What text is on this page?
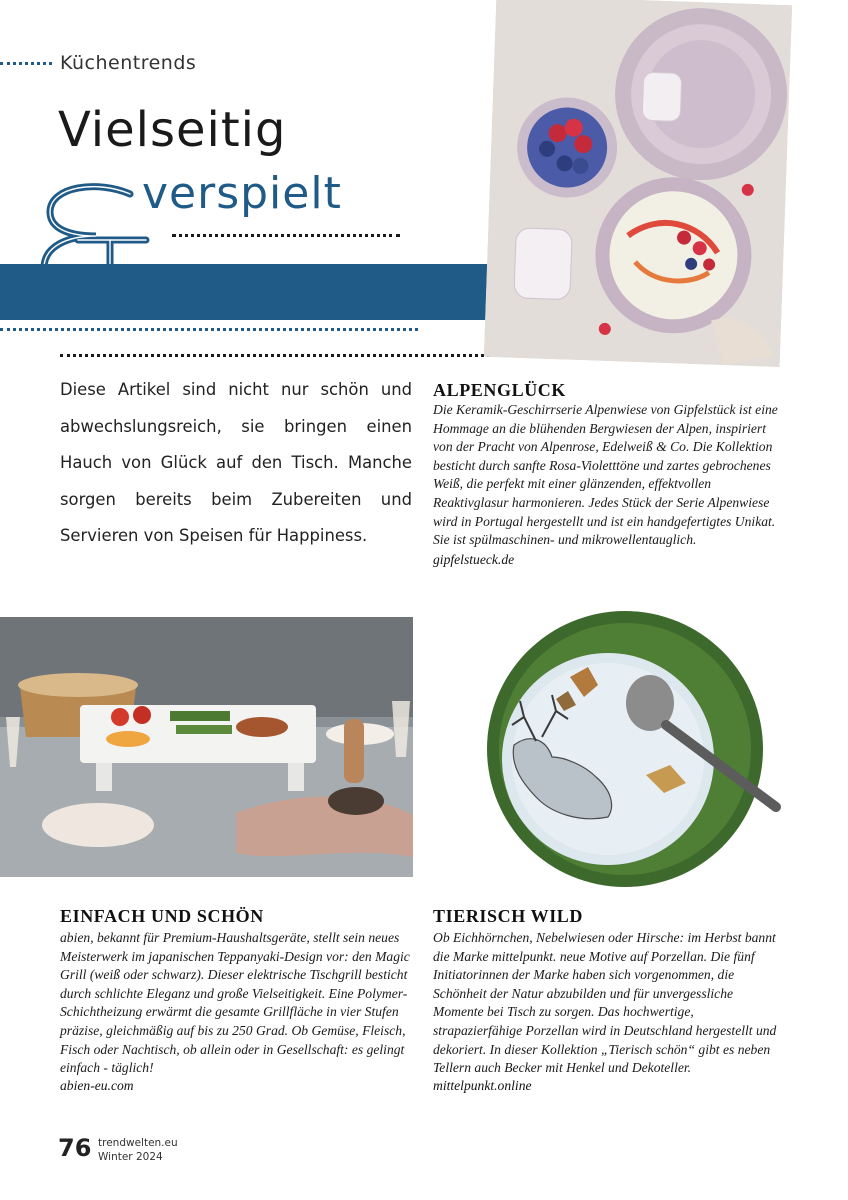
Küchentrends
Vielseitig
verspielt
Diese Artikel sind nicht nur schön und abwechslungsreich, sie bringen einen Hauch von Glück auf den Tisch. Manche sorgen bereits beim Zubereiten und Servieren von Speisen für Happiness.
ALPENGLÜCK
Die Keramik-Geschirrserie Alpenwiese von Gipfelstück ist eine Hommage an die blühenden Bergwiesen der Alpen, inspiriert von der Pracht von Alpenrose, Edelweiß & Co. Die Kollektion besticht durch sanfte Rosa-Violetttöne und zartes gebrochenes Weiß, die perfekt mit einer glänzenden, effektvollen Reaktivglasur harmonieren. Jedes Stück der Serie Alpenwiese wird in Portugal hergestellt und ist ein handgefertigtes Unikat. Sie ist spülmaschinen- und mikrowellentauglich.
gipfelstueck.de
EINFACH UND SCHÖN
abien, bekannt für Premium-Haushaltsgeräte, stellt sein neues Meisterwerk im japanischen Teppanyaki-Design vor: den Magic Grill (weiß oder schwarz). Dieser elektrische Tischgrill besticht durch schlichte Eleganz und große Vielseitigkeit. Eine Polymer-Schichtheizung erwärmt die gesamte Grillfläche in vier Stufen präzise, gleichmäßig auf bis zu 250 Grad. Ob Gemüse, Fleisch, Fisch oder Nachtisch, ob allein oder in Gesellschaft: es gelingt einfach - täglich!
abien-eu.com
TIERISCH WILD
Ob Eichhörnchen, Nebelwiesen oder Hirsche: im Herbst bannt die Marke mittelpunkt. neue Motive auf Porzellan. Die fünf Initiatorinnen der Marke haben sich vorgenommen, die Schönheit der Natur abzubilden und für unvergessliche Momente bei Tisch zu sorgen. Das hochwertige, strapazierfähige Porzellan wird in Deutschland hergestellt und dekoriert. In dieser Kollektion „Tierisch schön“ gibt es neben Tellern auch Becker mit Henkel und Dekoteller.
mittelpunkt.online
76 trendwelten.eu
Winter 2024
